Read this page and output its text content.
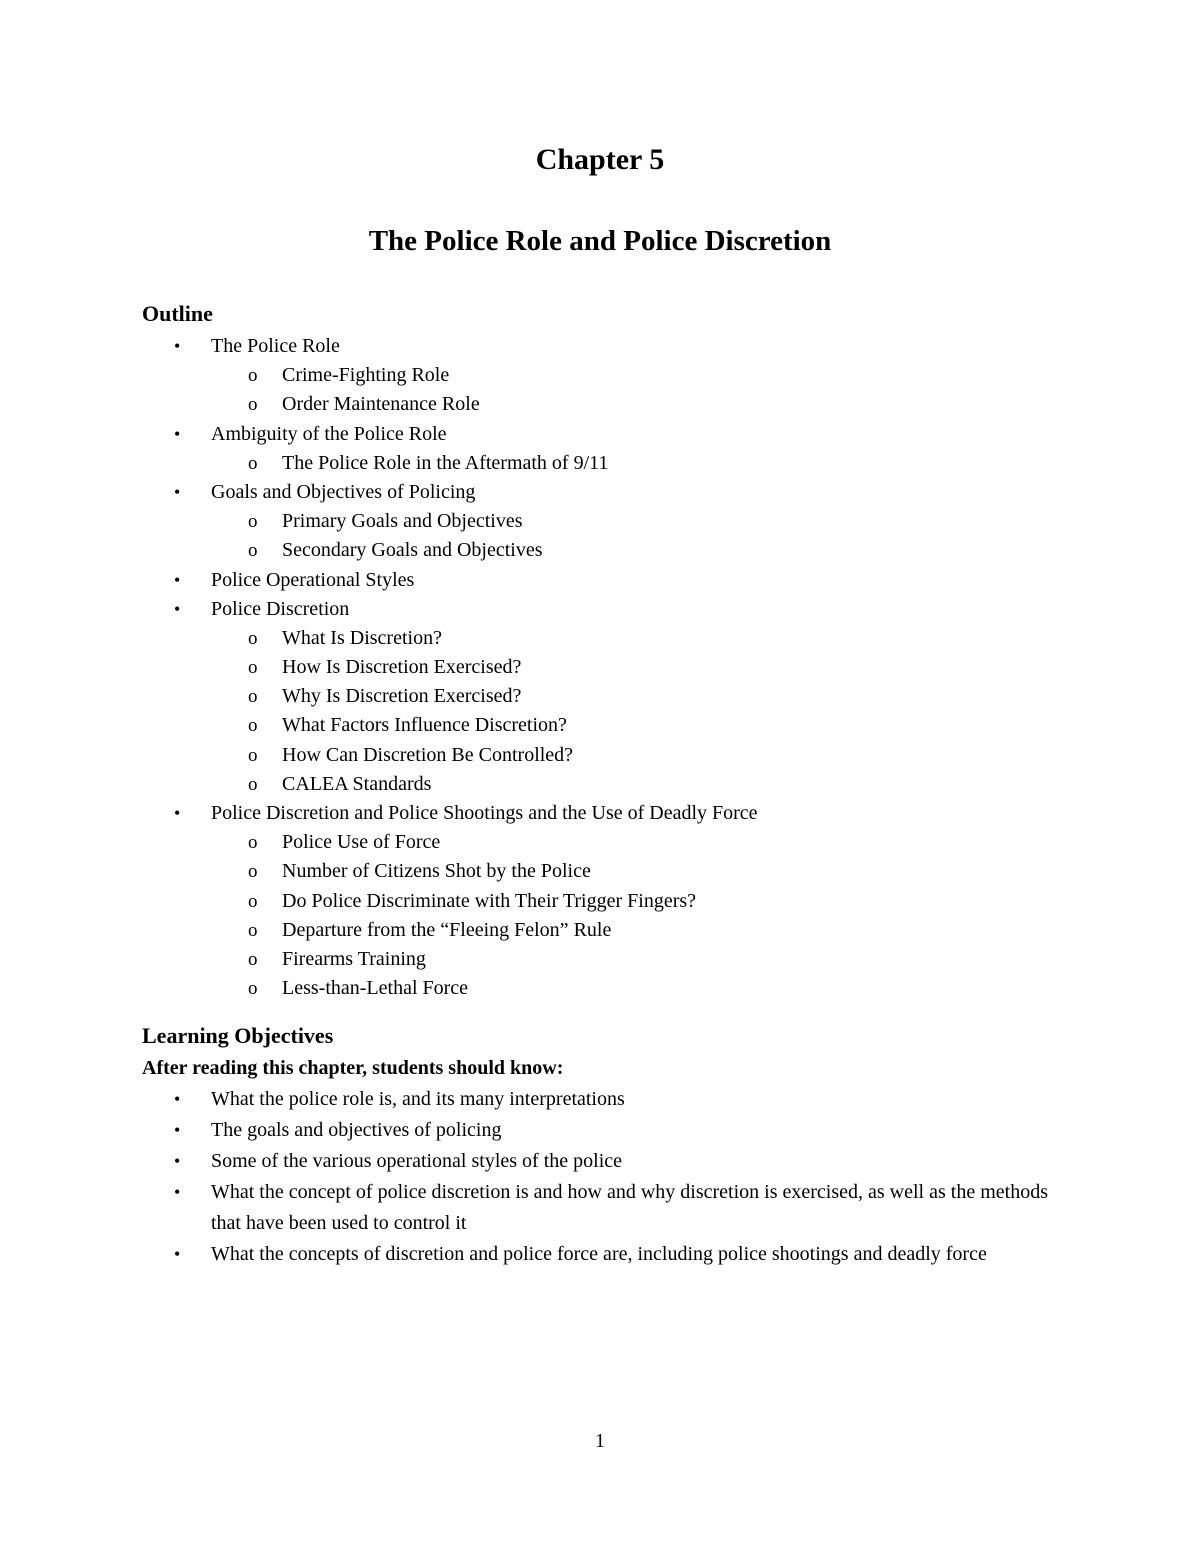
Chapter 5
The Police Role and Police Discretion
Outline
• The Police Role
o Crime-Fighting Role
o Order Maintenance Role
• Ambiguity of the Police Role
o The Police Role in the Aftermath of 9/11
• Goals and Objectives of Policing
o Primary Goals and Objectives
o Secondary Goals and Objectives
• Police Operational Styles
• Police Discretion
o What Is Discretion?
o How Is Discretion Exercised?
o Why Is Discretion Exercised?
o What Factors Influence Discretion?
o How Can Discretion Be Controlled?
o CALEA Standards
• Police Discretion and Police Shootings and the Use of Deadly Force
o Police Use of Force
o Number of Citizens Shot by the Police
o Do Police Discriminate with Their Trigger Fingers?
o Departure from the “Fleeing Felon” Rule
o Firearms Training
o Less-than-Lethal Force
Learning Objectives
After reading this chapter, students should know:
• What the police role is, and its many interpretations
• The goals and objectives of policing
• Some of the various operational styles of the police
• What the concept of police discretion is and how and why discretion is exercised, as well as the methods that have been used to control it
• What the concepts of discretion and police force are, including police shootings and deadly force
1
